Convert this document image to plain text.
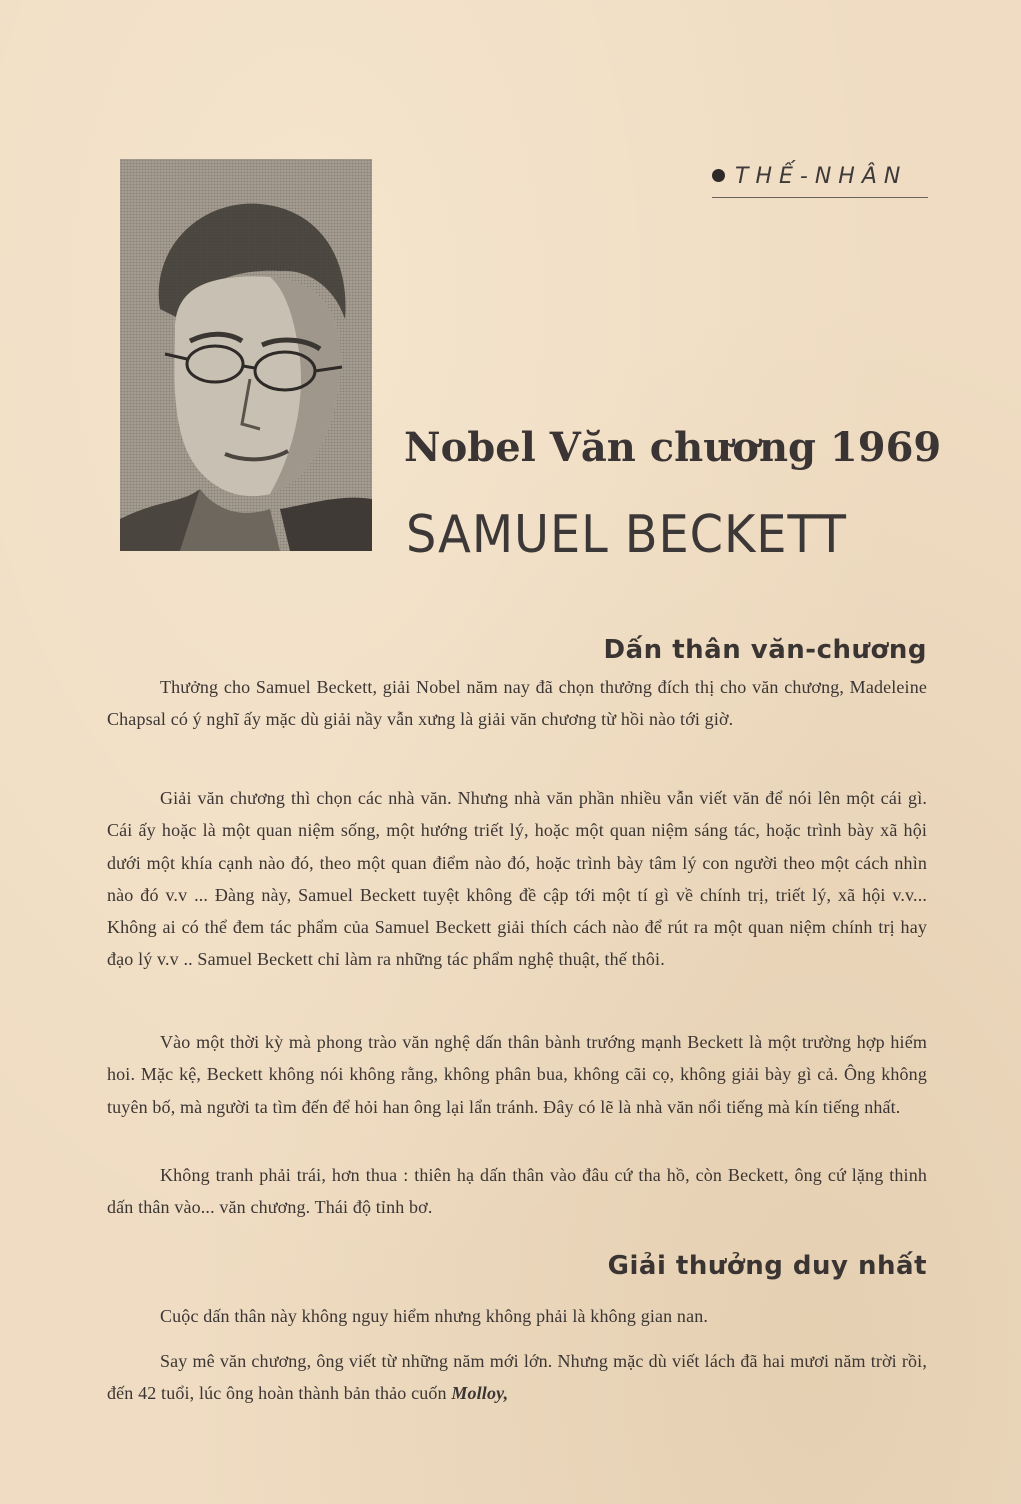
THẾ-NHÂN
Nobel Văn chương 1969
SAMUEL BECKETT
Dấn thân văn-chương

Thưởng cho Samuel Beckett, giải Nobel năm nay đã chọn thưởng đích thị cho văn chương, Madeleine Chapsal có ý nghĩ ấy mặc dù giải nầy vẫn xưng là giải văn chương từ hồi nào tới giờ.

Giải văn chương thì chọn các nhà văn. Nhưng nhà văn phần nhiều vẫn viết văn để nói lên một cái gì. Cái ấy hoặc là một quan niệm sống, một hướng triết lý, hoặc một quan niệm sáng tác, hoặc trình bày xã hội dưới một khía cạnh nào đó, theo một quan điểm nào đó, hoặc trình bày tâm lý con người theo một cách nhìn nào đó v.v ... Đàng này, Samuel Beckett tuyệt không đề cập tới một tí gì về chính trị, triết lý, xã hội v.v... Không ai có thể đem tác phẩm của Samuel Beckett giải thích cách nào để rút ra một quan niệm chính trị hay đạo lý v.v .. Samuel Beckett chỉ làm ra những tác phẩm nghệ thuật, thế thôi.

Vào một thời kỳ mà phong trào văn nghệ dấn thân bành trướng mạnh Beckett là một trường hợp hiếm hoi. Mặc kệ, Beckett không nói không rằng, không phân bua, không cãi cọ, không giải bày gì cả. Ông không tuyên bố, mà người ta tìm đến để hỏi han ông lại lẩn tránh. Đây có lẽ là nhà văn nổi tiếng mà kín tiếng nhất.

Không tranh phải trái, hơn thua : thiên hạ dấn thân vào đâu cứ tha hồ, còn Beckett, ông cứ lặng thinh dấn thân vào... văn chương. Thái độ tỉnh bơ.

Giải thưởng duy nhất

Cuộc dấn thân này không nguy hiểm nhưng không phải là không gian nan.

Say mê văn chương, ông viết từ những năm mới lớn. Nhưng mặc dù viết lách đã hai mươi năm trời rồi, đến 42 tuổi, lúc ông hoàn thành bản thảo cuốn Molloy,
